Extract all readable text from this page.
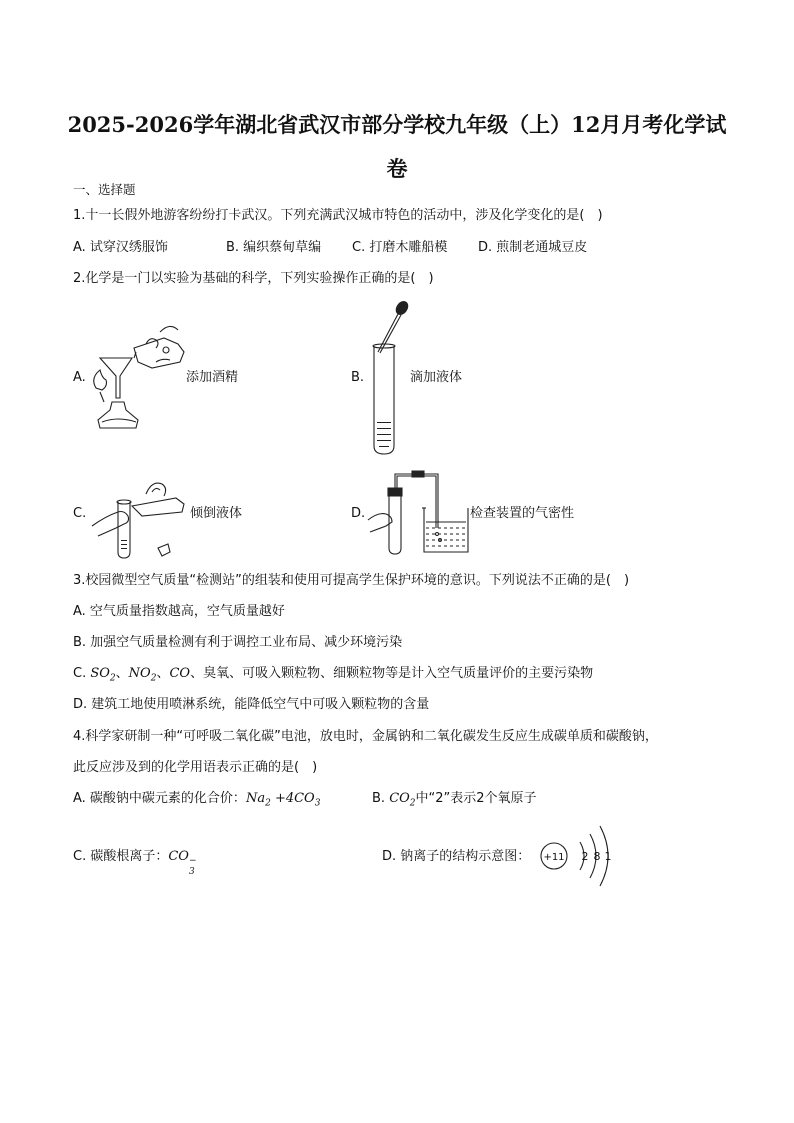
2025-2026学年湖北省武汉市部分学校九年级（上）12月月考化学试卷
一、选择题
1.十一长假外地游客纷纷打卡武汉。下列充满武汉城市特色的活动中，涉及化学变化的是(　)
A. 试穿汉绣服饰	B. 编织蔡甸草编 C. 打磨木雕船模 D. 煎制老通城豆皮
2.化学是一门以实验为基础的科学，下列实验操作正确的是(　)
A.	添加酒精	B.	滴加液体
C.	倾倒液体	D.	检查装置的气密性
3.校园微型空气质量“检测站”的组装和使用可提高学生保护环境的意识。下列说法不正确的是(　)
A. 空气质量指数越高，空气质量越好
B. 加强空气质量检测有利于调控工业布局、减少环境污染
C. $SO_2$、$NO_2$、CO、臭氧、可吸入颗粒物、细颗粒物等是计入空气质量评价的主要污染物
D. 建筑工地使用喷淋系统，能降低空气中可吸入颗粒物的含量
4.科学家研制一种“可呼吸二氧化碳”电池，放电时，金属钠和二氧化碳发生反应生成碳单质和碳酸钠，
此反应涉及到的化学用语表示正确的是(　)
A. 碳酸钠中碳元素的化合价：$Na_2 +4CO_3$	B. $CO_2$中“2”表示2个氧原子
C. 碳酸根离子：CO
3
−	D. 钠离子的结构示意图： +11 2 8 1
